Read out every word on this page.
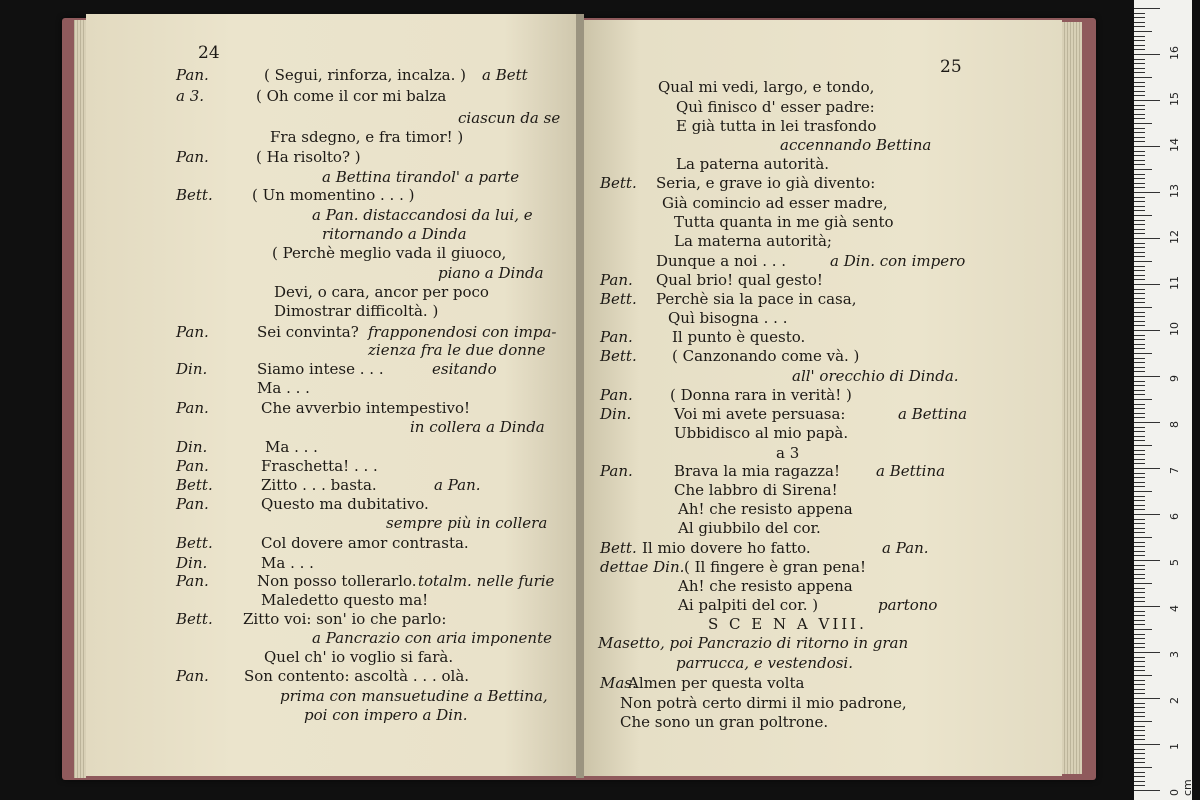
24
Pan.	( Segui, rinforza, incalza. ) a Bett
a 3.	( Oh come il cor mi balza
ciascun da se
Fra sdegno, e fra timor! )
Pan.	( Ha risolto? )
a Bettina tirandol' a parte
Bett.	( Un momentino . . . )
a Pan. distaccandosi da lui, e
ritornando a Dinda
( Perchè meglio vada il giuoco,
piano a Dinda
Devi, o cara, ancor per poco
Dimostrar difficoltà. )
Pan.	Sei convinta? frapponendosi con impa-
zienza fra le due donne
Din.	Siamo intese . . .	esitando
Ma . . .
Pan.	Che avverbio intempestivo!
in collera a Dinda
Din.	Ma . . .
Pan.	Fraschetta! . . .
Bett.	Zitto . . . basta.	a Pan.
Pan.	Questo ma dubitativo.
sempre più in collera
Bett.	Col dovere amor contrasta.
Din.	Ma . . .
Pan.	Non posso tollerarlo. totalm. nelle furie
Maledetto questo ma!
Bett. Zitto voi: son' io che parlo:
a Pancrazio con aria imponente
Quel ch' io voglio si farà.
Pan. Son contento: ascoltà . . . olà.
prima con mansuetudine a Bettina,
poi con impero a Din.
25
Qual mi vedi, largo, e tondo,
Quì finisco d' esser padre:
E già tutta in lei trasfondo
accennando Bettina
La paterna autorità.
Bett. Seria, e grave io già divento:
Già comincio ad esser madre,
Tutta quanta in me già sento
La materna autorità;
Dunque a noi . . .	a Din. con impero
Pan. Qual brio! qual gesto!
Bett. Perchè sia la pace in casa,
Quì bisogna . . .
Pan.	Il punto è questo.
Bett. ( Canzonando come và. )
all' orecchio di Dinda.
Pan. ( Donna rara in verità! )
Din.	Voi mi avete persuasa:	a Bettina
Ubbidisco al mio papà.
a 3
Pan.	Brava la mia ragazza! a Bettina
Che labbro di Sirena!
Ah! che resisto appena
Al giubbilo del cor.
Bett. Il mio dovere ho fatto.	a Pan.
dettae Din. ( Il fingere è gran pena!
Ah! che resisto appena
Ai palpiti del cor. )	partono
S C E N A VIII.
Masetto, poi Pancrazio di ritorno in gran
parrucca, e vestendosi.
Mas.
Almen per questa volta
Non potrà certo dirmi il mio padrone,
Che sono un gran poltrone.
0 cm
1
2
3
4
5
6
7
8
9
10
11
12
13
14
15
16
